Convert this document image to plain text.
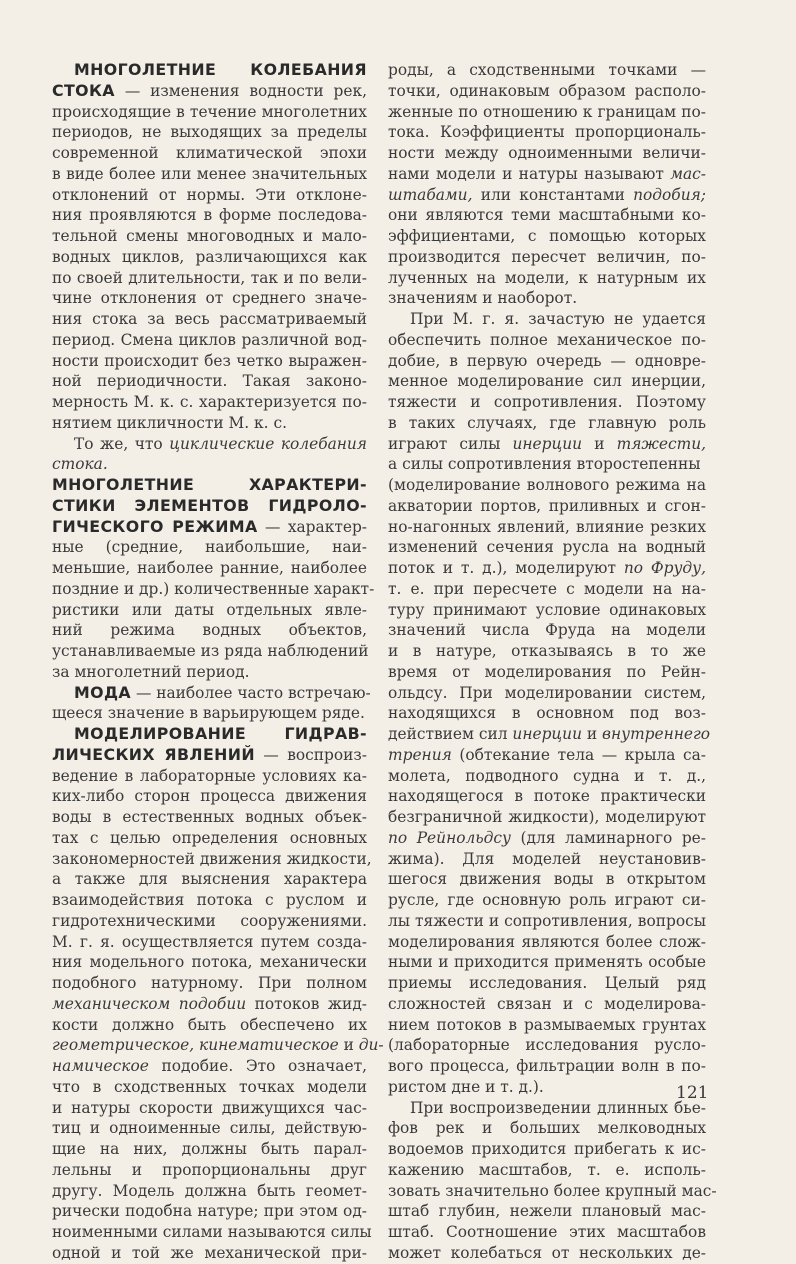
МНОГОЛЕТНИЕ КОЛЕБАНИЯ
СТОКА — изменения водности рек,
происходящие в течение многолетних
периодов, не выходящих за пределы
современной климатической эпохи
в виде более или менее значительных
отклонений от нормы. Эти отклоне-
ния проявляются в форме последова-
тельной смены многоводных и мало-
водных циклов, различающихся как
по своей длительности, так и по вели-
чине отклонения от среднего значе-
ния стока за весь рассматриваемый
период. Смена циклов различной вод-
ности происходит без четко выражен-
ной периодичности. Такая законо-
мерность М. к. с. характеризуется по-
нятием цикличности М. к. с.
То же, что циклические колебания
стока.
МНОГОЛЕТНИЕ ХАРАКТЕРИ-
СТИКИ ЭЛЕМЕНТОВ ГИДРОЛО-
ГИЧЕСКОГО РЕЖИМА — характер-
ные (средние, наибольшие, наи-
меньшие, наиболее ранние, наиболее
поздние и др.) количественные характ-
ристики или даты отдельных явле-
ний режима водных объектов,
устанавливаемые из ряда наблюдений
за многолетний период.
МОДА — наиболее часто встречаю-
щееся значение в варьирующем ряде.
МОДЕЛИРОВАНИЕ ГИДРАВ-
ЛИЧЕСКИХ ЯВЛЕНИЙ — воспроиз-
ведение в лабораторные условиях ка-
ких-либо сторон процесса движения
воды в естественных водных объек-
тах с целью определения основных
закономерностей движения жидкости,
а также для выяснения характера
взаимодействия потока с руслом и
гидротехническими сооружениями.
М. г. я. осуществляется путем созда-
ния модельного потока, механически
подобного натурному. При полном
механическом подобии потоков жид-
кости должно быть обеспечено их
геометрическое, кинематическое и ди-
намическое подобие. Это означает,
что в сходственных точках модели
и натуры скорости движущихся час-
тиц и одноименные силы, действую-
щие на них, должны быть парал-
лельны и пропорциональны друг
другу. Модель должна быть геомет-
рически подобна натуре; при этом од-
ноименными силами называются силы
одной и той же механической при-
роды, а сходственными точками —
точки, одинаковым образом располо-
женные по отношению к границам по-
тока. Коэффициенты пропорциональ-
ности между одноименными величи-
нами модели и натуры называют мас-
штабами, или константами подобия;
они являются теми масштабными ко-
эффициентами, с помощью которых
производится пересчет величин, по-
лученных на модели, к натурным их
значениям и наоборот.
При М. г. я. зачастую не удается
обеспечить полное механическое по-
добие, в первую очередь — одновре-
менное моделирование сил инерции,
тяжести и сопротивления. Поэтому
в таких случаях, где главную роль
играют силы инерции и тяжести,
а силы сопротивления второстепенны
(моделирование волнового режима на
акватории портов, приливных и сгон-
но-нагонных явлений, влияние резких
изменений сечения русла на водный
поток и т. д.), моделируют по Фруду,
т. е. при пересчете с модели на на-
туру принимают условие одинаковых
значений числа Фруда на модели
и в натуре, отказываясь в то же
время от моделирования по Рейн-
ольдсу. При моделировании систем,
находящихся в основном под воз-
действием сил инерции и внутреннего
трения (обтекание тела — крыла са-
молета, подводного судна и т. д.,
находящегося в потоке практически
безграничной жидкости), моделируют
по Рейнольдсу (для ламинарного ре-
жима). Для моделей неустановив-
шегося движения воды в открытом
русле, где основную роль играют си-
лы тяжести и сопротивления, вопросы
моделирования являются более слож-
ными и приходится применять особые
приемы исследования. Целый ряд
сложностей связан и с моделирова-
нием потоков в размываемых грунтах
(лабораторные исследования русло-
вого процесса, фильтрации волн в по-
ристом дне и т. д.).
При воспроизведении длинных бье-
фов рек и больших мелководных
водоемов приходится прибегать к ис-
кажению масштабов, т. е. исполь-
зовать значительно более крупный мас-
штаб глубин, нежели плановый мас-
штаб. Соотношение этих масштабов
может колебаться от нескольких де-
121
